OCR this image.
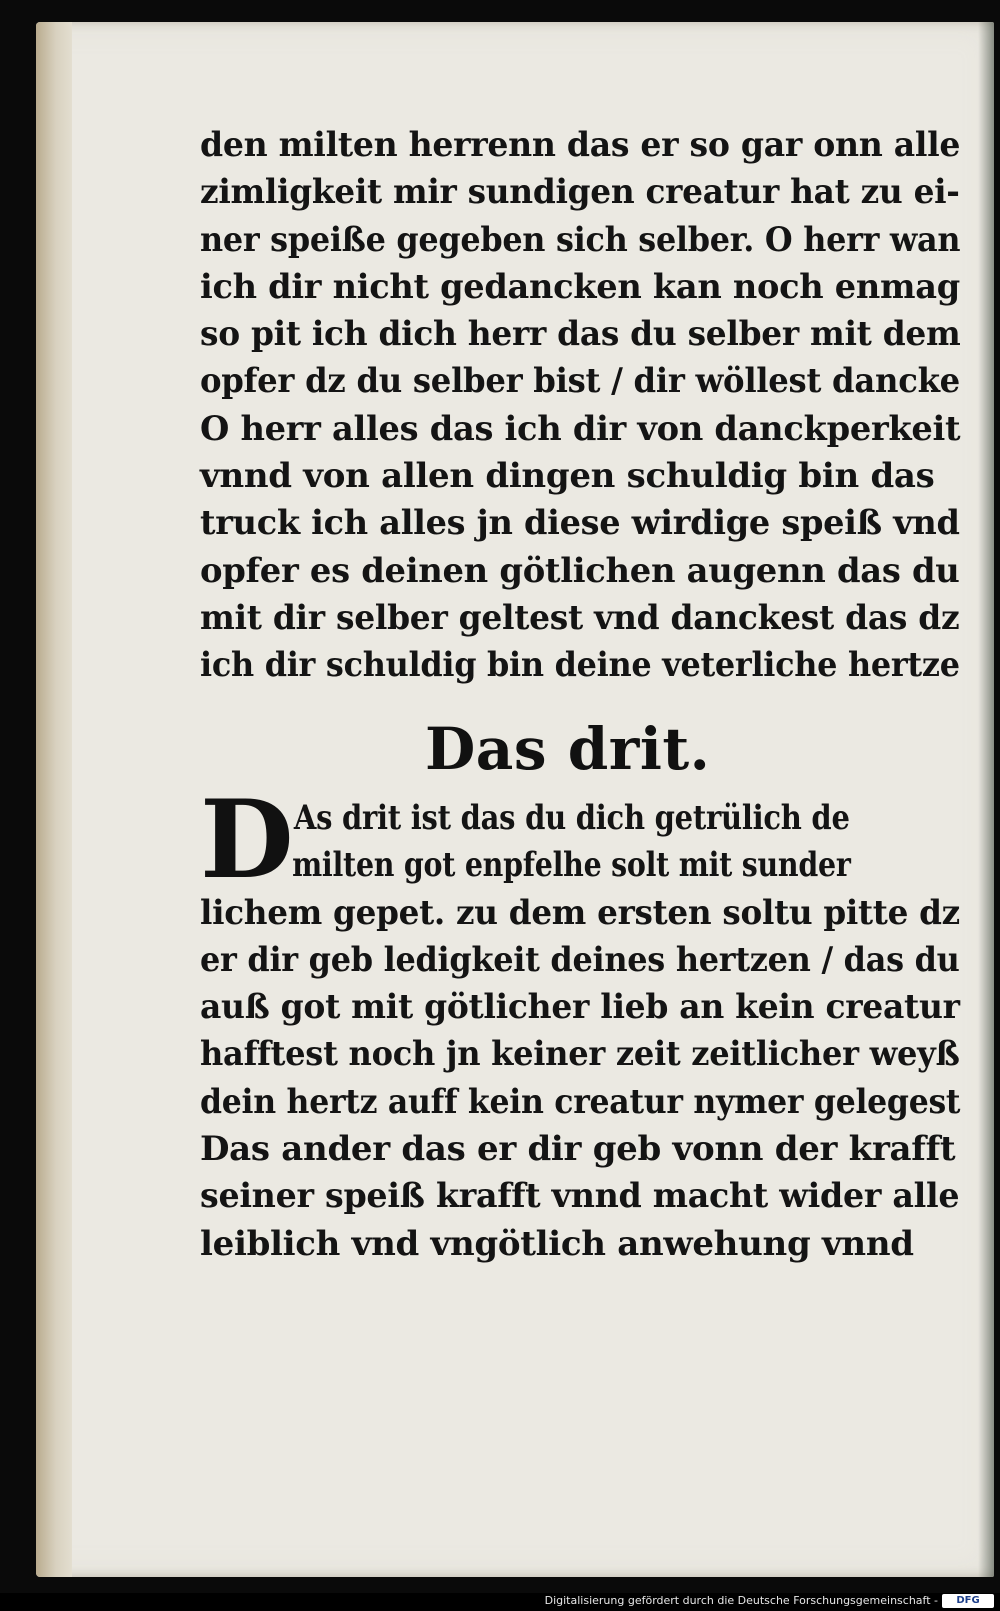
den milten herrenn das er so gar onn alle
zimligkeit mir sundigen creatur hat zu ei-
ner speiße gegeben sich selber. O herr wan
ich dir nicht gedancken kan noch enmag
so pit ich dich herr das du selber mit dem
opfer dz du selber bist / dir wöllest dancke
O herr alles das ich dir von danckperkeit
vnnd von allen dingen schuldig bin das
truck ich alles jn diese wirdige speiß vnd
opfer es deinen götlichen augenn das du
mit dir selber geltest vnd danckest das dz
ich dir schuldig bin deine veterliche hertze
Das drit.
D As drit ist das du dich getrülich de
milten got enpfelhe solt mit sunder
lichem gepet. zu dem ersten soltu pitte dz
er dir geb ledigkeit deines hertzen / das du
auß got mit götlicher lieb an kein creatur
hafftest noch jn keiner zeit zeitlicher weyß
dein hertz auff kein creatur nymer gelegest
Das ander das er dir geb vonn der krafft
seiner speiß krafft vnnd macht wider alle
leiblich vnd vngötlich anwehung vnnd
Digitalisierung gefördert durch die Deutsche Forschungsgemeinschaft -	DFG
